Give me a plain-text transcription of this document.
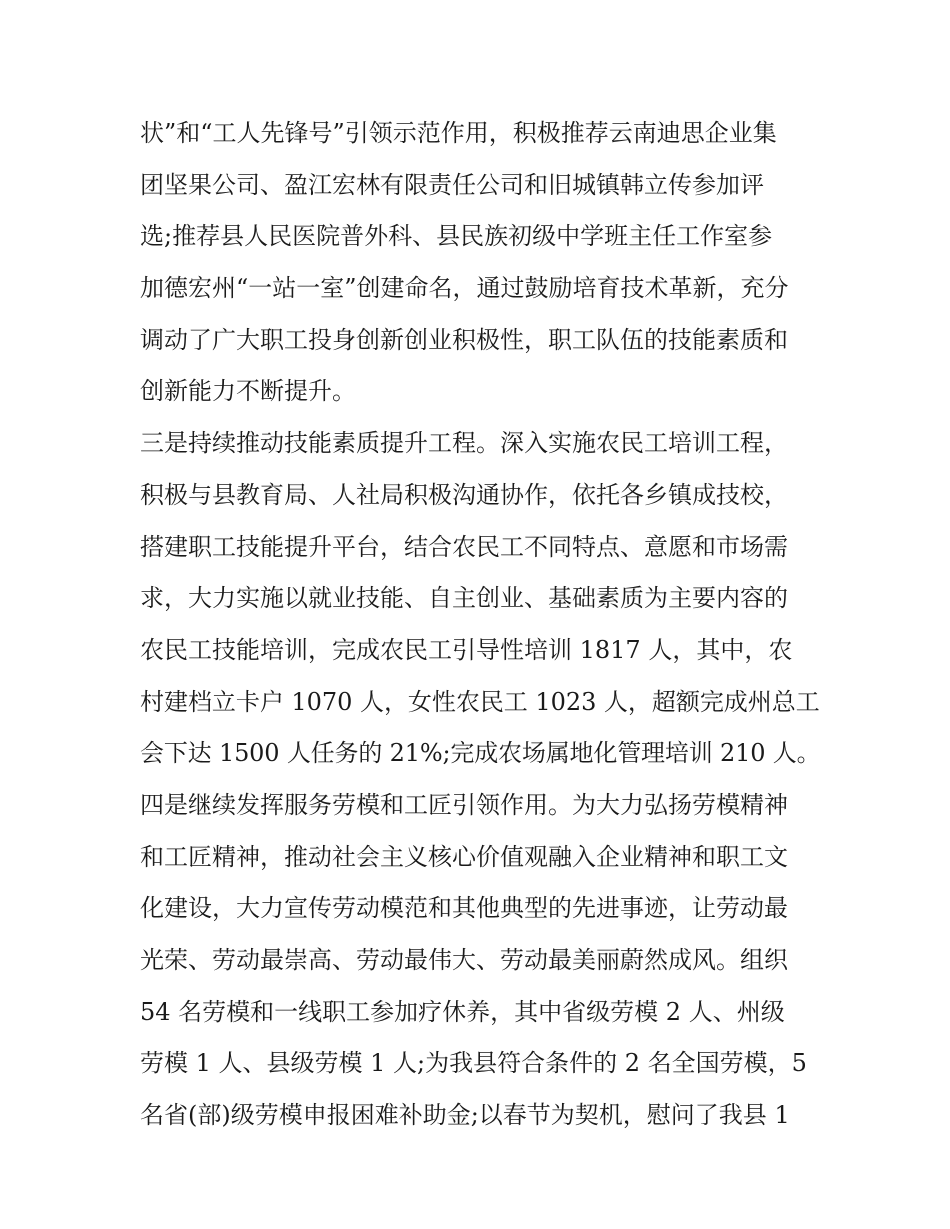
状”和“工人先锋号”引领示范作用，积极推荐云南迪思企业集
团坚果公司、盈江宏林有限责任公司和旧城镇韩立传参加评
选;推荐县人民医院普外科、县民族初级中学班主任工作室参
加德宏州“一站一室”创建命名，通过鼓励培育技术革新，充分
调动了广大职工投身创新创业积极性，职工队伍的技能素质和
创新能力不断提升。
三是持续推动技能素质提升工程。深入实施农民工培训工程，
积极与县教育局、人社局积极沟通协作，依托各乡镇成技校，
搭建职工技能提升平台，结合农民工不同特点、意愿和市场需
求，大力实施以就业技能、自主创业、基础素质为主要内容的
农民工技能培训，完成农民工引导性培训 1817 人，其中，农
村建档立卡户 1070 人，女性农民工 1023 人，超额完成州总工
会下达 1500 人任务的 21%;完成农场属地化管理培训 210 人。
四是继续发挥服务劳模和工匠引领作用。为大力弘扬劳模精神
和工匠精神，推动社会主义核心价值观融入企业精神和职工文
化建设，大力宣传劳动模范和其他典型的先进事迹，让劳动最
光荣、劳动最崇高、劳动最伟大、劳动最美丽蔚然成风。组织
54 名劳模和一线职工参加疗休养，其中省级劳模 2 人、州级
劳模 1 人、县级劳模 1 人;为我县符合条件的 2 名全国劳模，5
名省(部)级劳模申报困难补助金;以春节为契机，慰问了我县 1
